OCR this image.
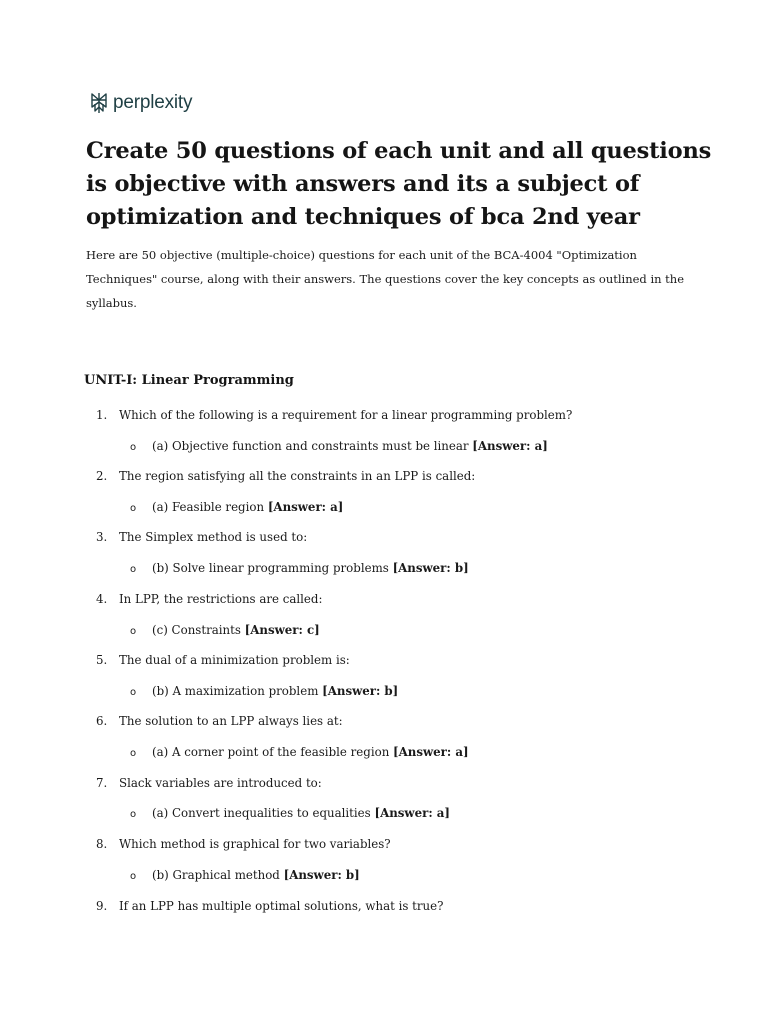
perplexity
Create 50 questions of each unit and all questions is objective with answers and its a subject of optimization and techniques of bca 2nd year

Here are 50 objective (multiple-choice) questions for each unit of the BCA-4004 "Optimization Techniques" course, along with their answers. The questions cover the key concepts as outlined in the syllabus.

UNIT-I: Linear Programming
1. Which of the following is a requirement for a linear programming problem?
o (a) Objective function and constraints must be linear [Answer: a]
2. The region satisfying all the constraints in an LPP is called:
o (a) Feasible region [Answer: a]
3. The Simplex method is used to:
o (b) Solve linear programming problems [Answer: b]
4. In LPP, the restrictions are called:
o (c) Constraints [Answer: c]
5. The dual of a minimization problem is:
o (b) A maximization problem [Answer: b]
6. The solution to an LPP always lies at:
o (a) A corner point of the feasible region [Answer: a]
7. Slack variables are introduced to:
o (a) Convert inequalities to equalities [Answer: a]
8. Which method is graphical for two variables?
o (b) Graphical method [Answer: b]
9. If an LPP has multiple optimal solutions, what is true?
